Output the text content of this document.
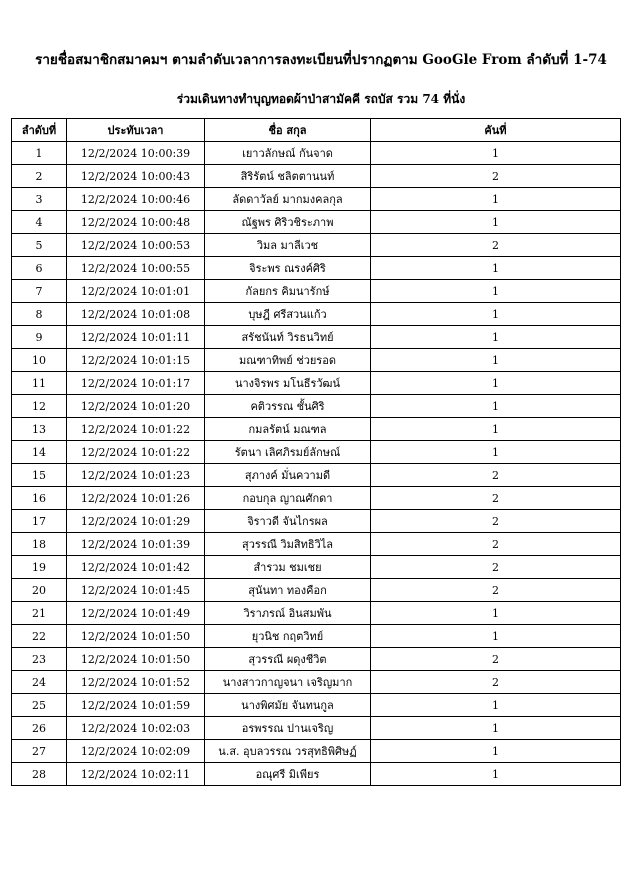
รายชื่อสมาชิกสมาคมฯ ตามลำดับเวลาการลงทะเบียนที่ปรากฏตาม GooGle From ลำดับที่ 1-74
ร่วมเดินทางทำบุญทอดผ้าป่าสามัคคี รถบัส รวม 74 ที่นั่ง
ลำดับที่	ประทับเวลา	ชื่อ สกุล	คันที่
1	12/2/2024 10:00:39	เยาวลักษณ์ กันจาด	1
2	12/2/2024 10:00:43	สิริรัตน์ ชลิตตานนท์	2
3	12/2/2024 10:00:46	ลัดดาวัลย์ มากมงคลกุล	1
4	12/2/2024 10:00:48	ณัฐพร ศิริวชิระภาพ	1
5	12/2/2024 10:00:53	วิมล มาลีเวช	2
6	12/2/2024 10:00:55	จิระพร ณรงค์ศิริ	1
7	12/2/2024 10:01:01	กัลยกร คิมนารักษ์	1
8	12/2/2024 10:01:08	บุษฎี ศรีสวนแก้ว	1
9	12/2/2024 10:01:11	สรัชนันท์ วิรธนวิทย์	1
10	12/2/2024 10:01:15	มณฑาทิพย์ ช่วยรอด	1
11	12/2/2024 10:01:17	นางจิรพร มโนธีรวัฒน์	1
12	12/2/2024 10:01:20	คติวรรณ ชั้นศิริ	1
13	12/2/2024 10:01:22	กมลรัตน์ มณฑล	1
14	12/2/2024 10:01:22	รัตนา เลิศภิรมย์ลักษณ์	1
15	12/2/2024 10:01:23	สุภางค์ มั่นความดี	2
16	12/2/2024 10:01:26	กอบกุล ญาณศักดา	2
17	12/2/2024 10:01:29	จิราวดี จันไกรผล	2
18	12/2/2024 10:01:39	สุวรรณี วิมสิทธิวิไล	2
19	12/2/2024 10:01:42	สำรวม ชมเชย	2
20	12/2/2024 10:01:45	สุนันทา ทองคือก	2
21	12/2/2024 10:01:49	วิราภรณ์ อินสมพัน	1
22	12/2/2024 10:01:50	ยุวนิช กฤตวิทย์	1
23	12/2/2024 10:01:50	สุวรรณี ผดุงชีวิต	2
24	12/2/2024 10:01:52	นางสาวกาญจนา เจริญมาก	2
25	12/2/2024 10:01:59	นางพิศมัย จันทนกูล	1
26	12/2/2024 10:02:03	อรพรรณ ปานเจริญ	1
27	12/2/2024 10:02:09	น.ส. อุบลวรรณ วรสุทธิพิศิษฏ์	1
28	12/2/2024 10:02:11	อณุศรี มิเพียร	1
